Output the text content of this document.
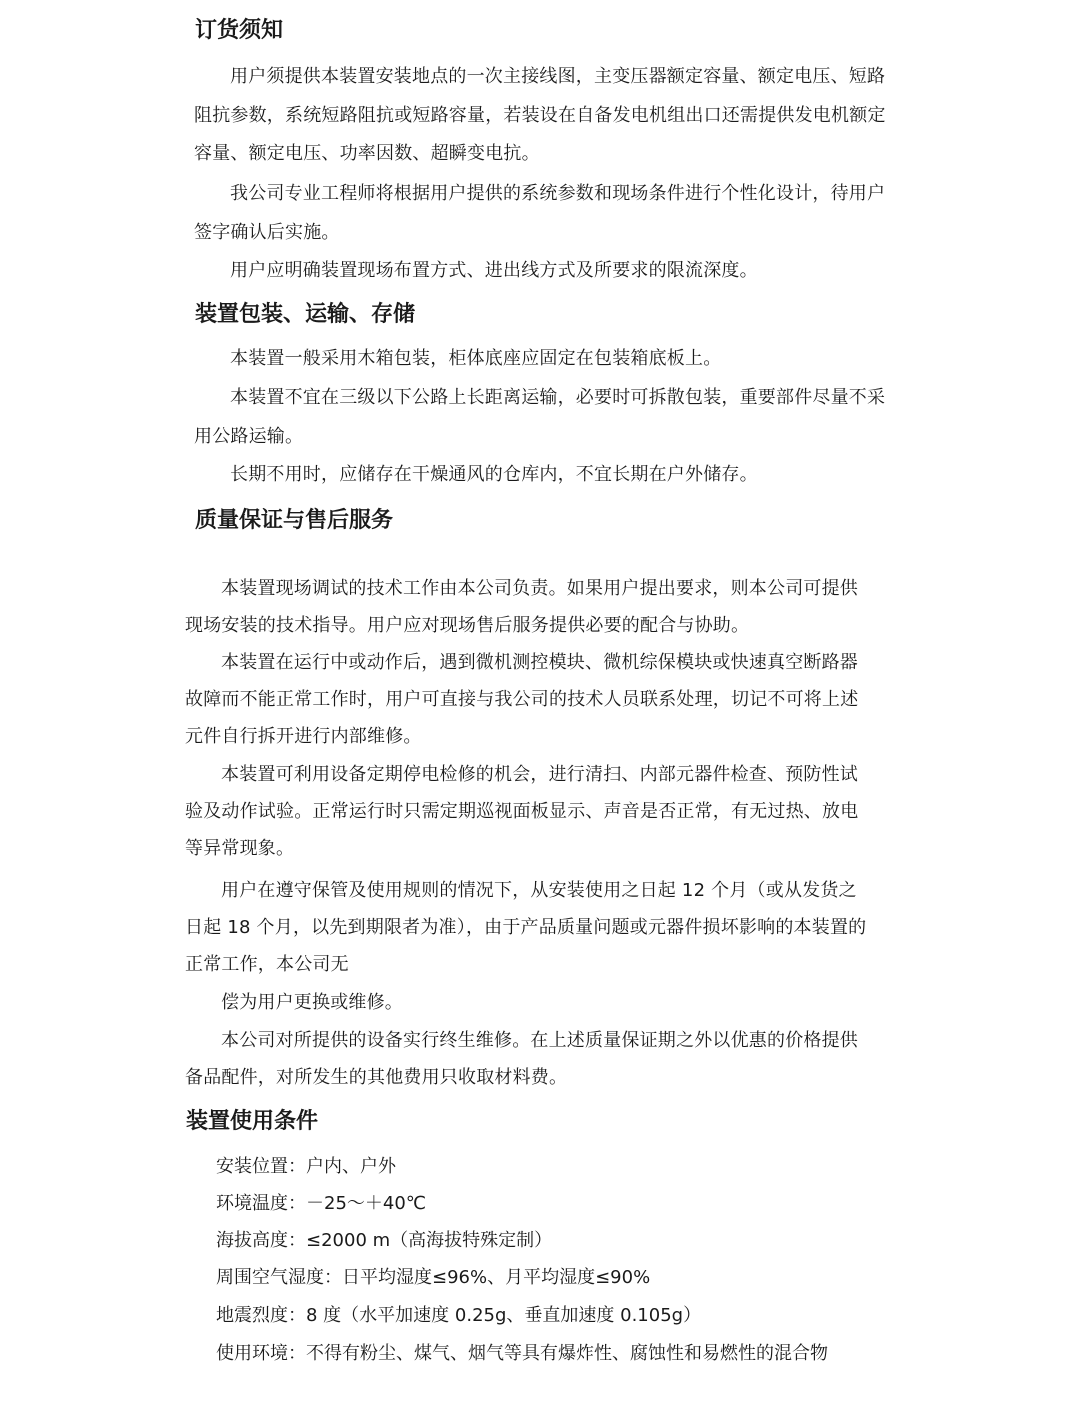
订货须知

用户须提供本装置安装地点的一次主接线图，主变压器额定容量、额定电压、短路阻抗参数，系统短路阻抗或短路容量，若装设在自备发电机组出口还需提供发电机额定容量、额定电压、功率因数、超瞬变电抗。

我公司专业工程师将根据用户提供的系统参数和现场条件进行个性化设计，待用户签字确认后实施。

用户应明确装置现场布置方式、进出线方式及所要求的限流深度。

装置包装、运输、存储

本装置一般采用木箱包装，柜体底座应固定在包装箱底板上。

本装置不宜在三级以下公路上长距离运输，必要时可拆散包装，重要部件尽量不采用公路运输。

长期不用时，应储存在干燥通风的仓库内，不宜长期在户外储存。

质量保证与售后服务

本装置现场调试的技术工作由本公司负责。如果用户提出要求，则本公司可提供现场安装的技术指导。用户应对现场售后服务提供必要的配合与协助。

本装置在运行中或动作后，遇到微机测控模块、微机综保模块或快速真空断路器故障而不能正常工作时，用户可直接与我公司的技术人员联系处理，切记不可将上述元件自行拆开进行内部维修。

本装置可利用设备定期停电检修的机会，进行清扫、内部元器件检查、预防性试验及动作试验。正常运行时只需定期巡视面板显示、声音是否正常，有无过热、放电等异常现象。

用户在遵守保管及使用规则的情况下，从安装使用之日起 12 个月（或从发货之日起 18 个月，以先到期限者为准），由于产品质量问题或元器件损坏影响的本装置的正常工作，本公司无

偿为用户更换或维修。

本公司对所提供的设备实行终生维修。在上述质量保证期之外以优惠的价格提供备品配件，对所发生的其他费用只收取材料费。

装置使用条件
安装位置：户内、户外
环境温度：－25～＋40℃
海拔高度：≤2000 m（高海拔特殊定制）
周围空气湿度：日平均湿度≤96%、月平均湿度≤90%
地震烈度：8 度（水平加速度 0.25g、垂直加速度 0.105g）
使用环境：不得有粉尘、煤气、烟气等具有爆炸性、腐蚀性和易燃性的混合物
